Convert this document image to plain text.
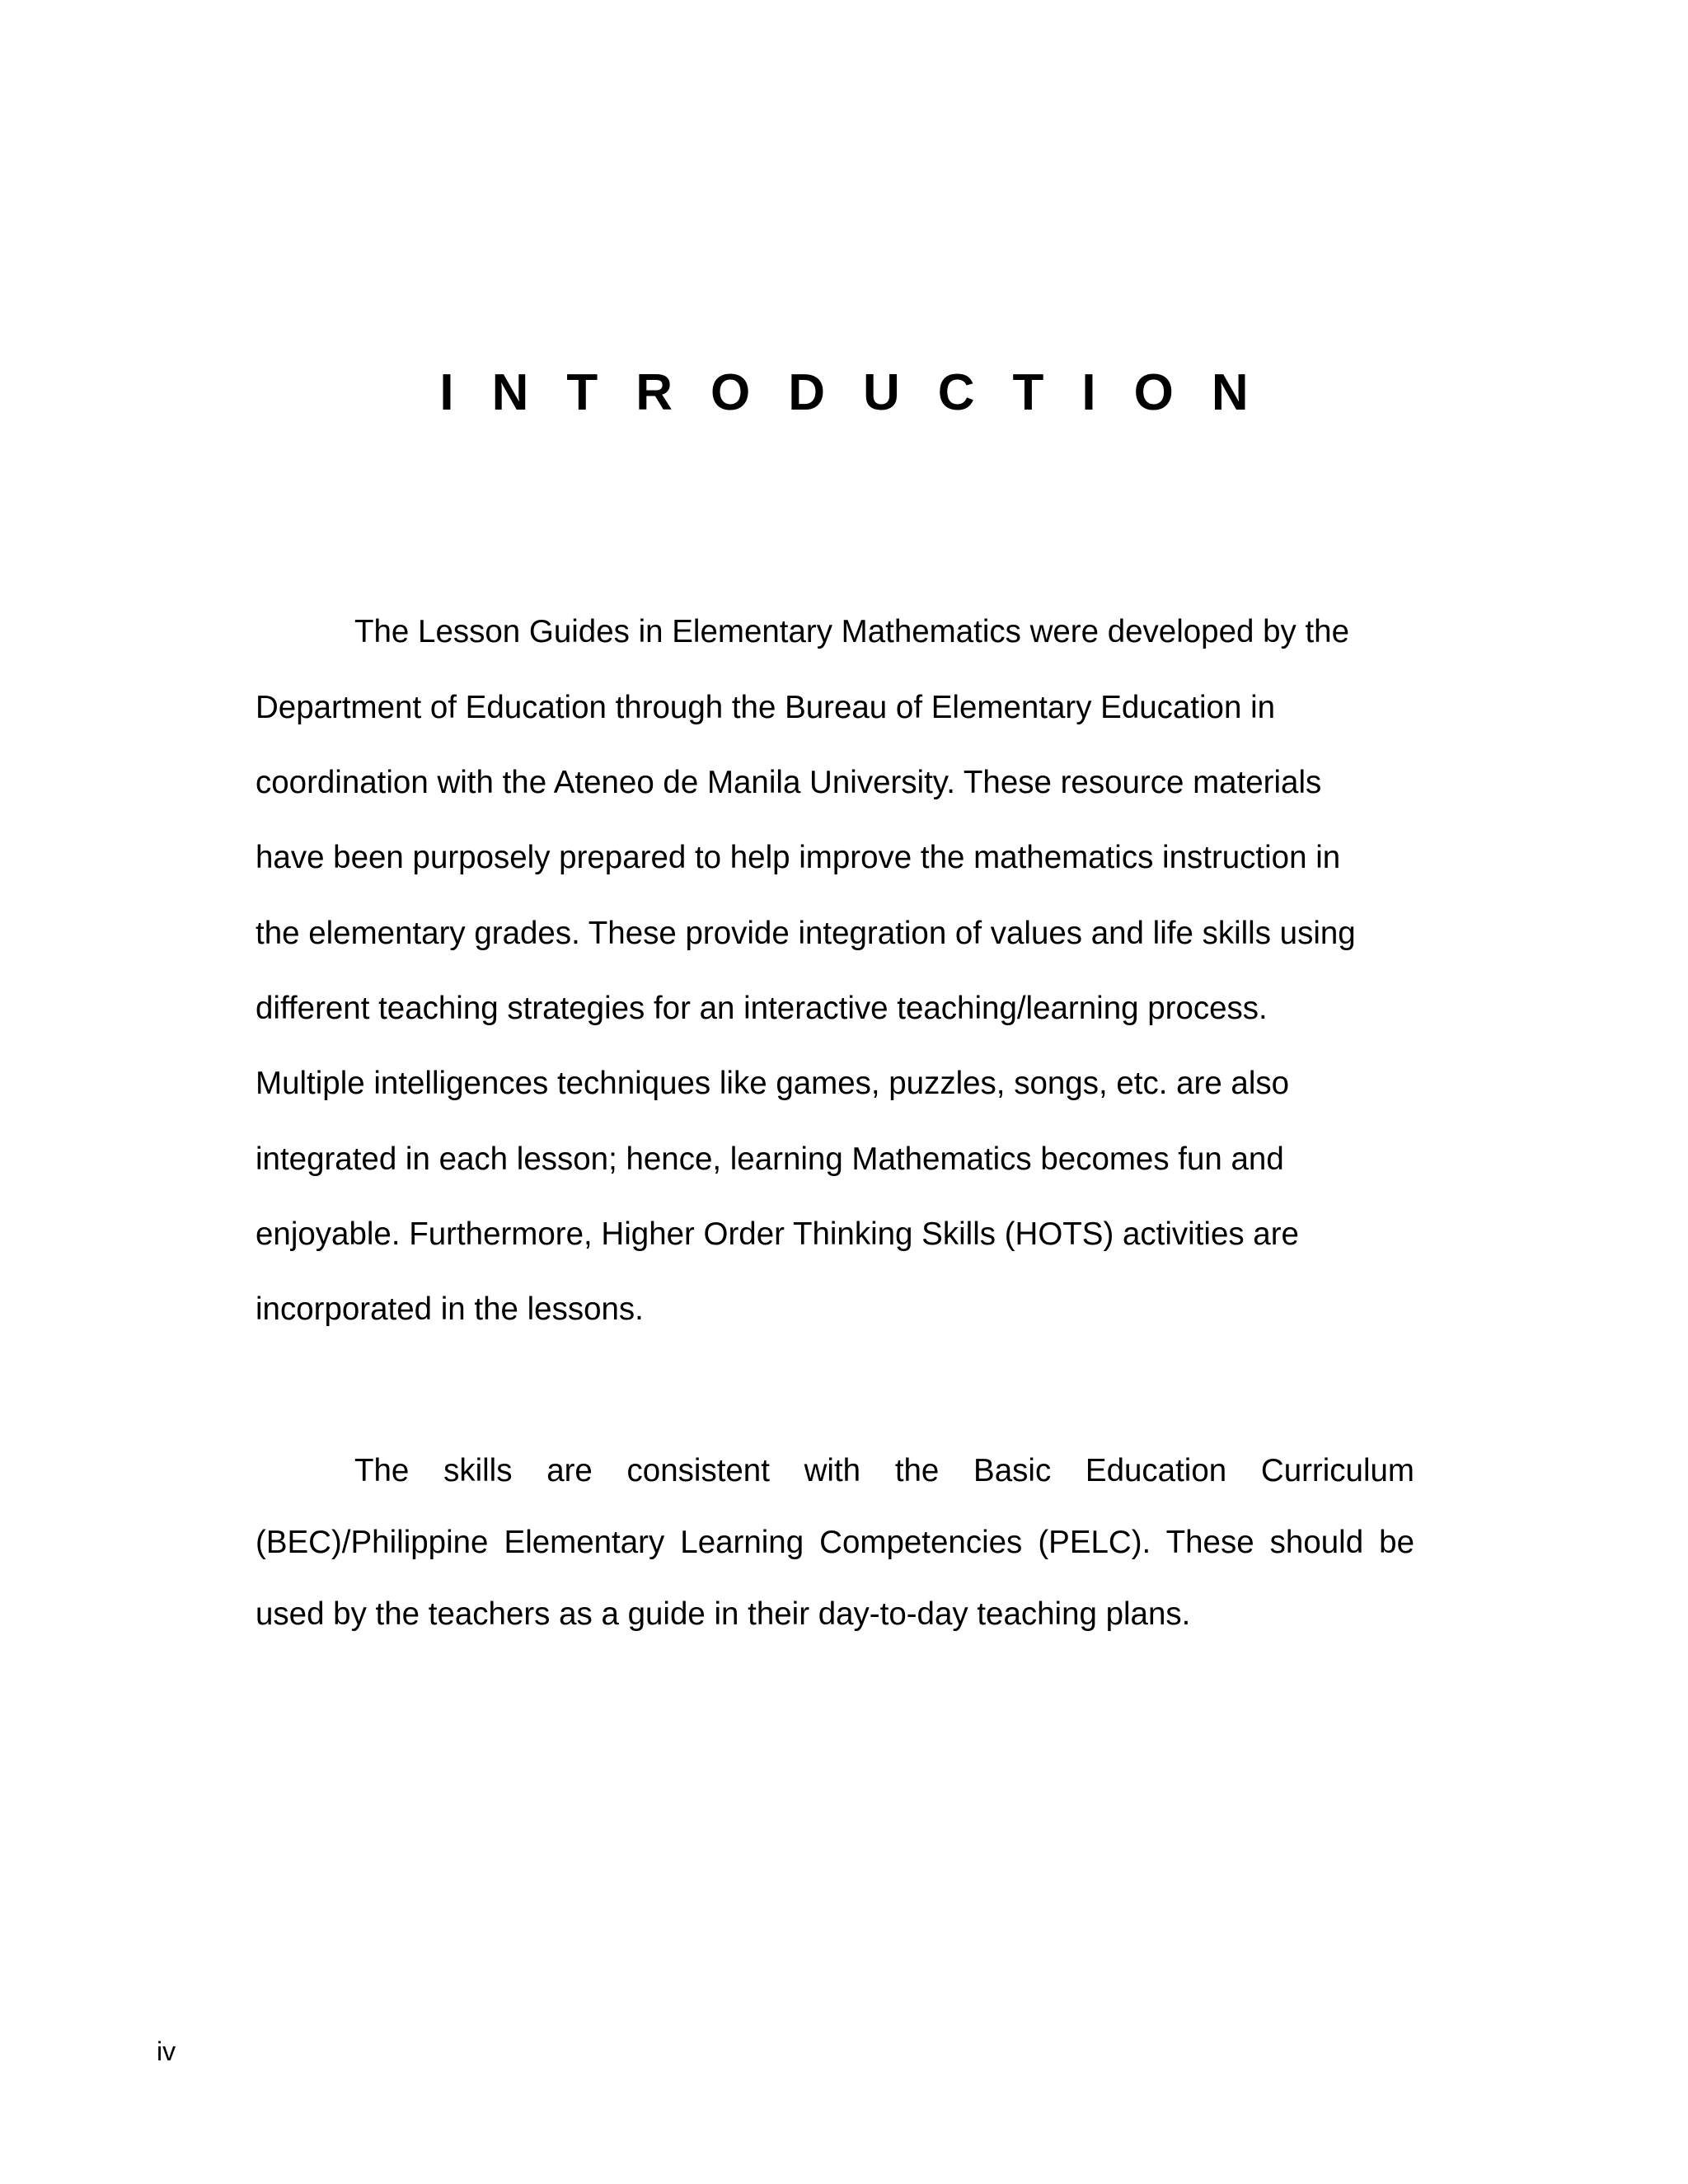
INTRODUCTION

The Lesson Guides in Elementary Mathematics were developed by the

Department of Education through the Bureau of Elementary Education in

coordination with the Ateneo de Manila University. These resource materials

have been purposely prepared to help improve the mathematics instruction in

the elementary grades. These provide integration of values and life skills using

different teaching strategies for an interactive teaching/learning process.

Multiple intelligences techniques like games, puzzles, songs, etc. are also

integrated in each lesson; hence, learning Mathematics becomes fun and

enjoyable. Furthermore, Higher Order Thinking Skills (HOTS) activities are

incorporated in the lessons.

The skills are consistent with the Basic Education Curriculum

(BEC)/Philippine Elementary Learning Competencies (PELC). These should be

used by the teachers as a guide in their day-to-day teaching plans.

iv
